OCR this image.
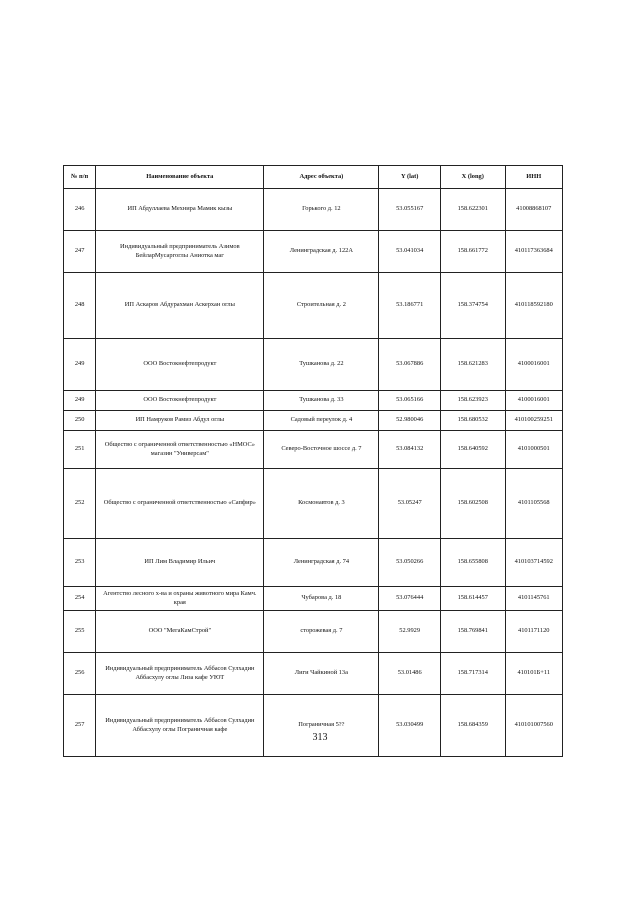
№ п/п	Наименование объекта	Адрес объекта)	Y (lat)	X (long)	ИНН
246	ИП Абдуллаева Мехнира Мамик кызы	Горького д. 12	53.055167	158.622301	41008868107
247	Индивидуальный предприниматель Азимов БейларМусаргоглы Аниотка маг	Ленинградская д. 122А	53.041034	158.661772	410117363684
248	ИП Аскаров Абдурахман Аскерхан оглы	Строительная д. 2	53.186771	158.374754	410118592180
249	ООО Востокнефтепродукт	Тушканова д. 22	53.067886	158.621283	4100016001
249	ООО Востокнефтепродукт	Тушканова д. 33	53.065166	158.623923	4100016001
250	ИП Намруков Рамиз Абдул оглы	Садовый переулок д. 4	52.980046	158.680532	410100259251
251	Общество с ограниченной ответственностью «НМОС» магазин "Универсам"	Северо-Восточное шоссе д. 7	53.084132	158.640592	4101000501
252	Общество с ограниченной ответственностью «Сапфир»	Космонавтов д. 3	53.05247	158.602508	4101105568
253	ИП Лим Владимир Ильич	Ленинградская д. 74	53.050266	158.655808	410103714592
254	Агентство лесного х-ва и охраны животного мира Камч. края	Чубарова д. 18	53.076444	158.614457	4101145761
255	ООО "МегаКамСтрой"	сторожевая д. 7	52.9929	158.769841	4101171120
256	Индивидуальный предприниматель Аббасов Сулхадин Аббасхулу оглы Лиза кафе УЮТ	Лиги Чайкиной 13а	53.01486	158.717314	410101Б+11
257	Индивидуальный предприниматель Аббасов Сулхадин Аббасхулу оглы Пограничная кафе	Пограничная 5??	53.030499	158.684359	410101007560
313
